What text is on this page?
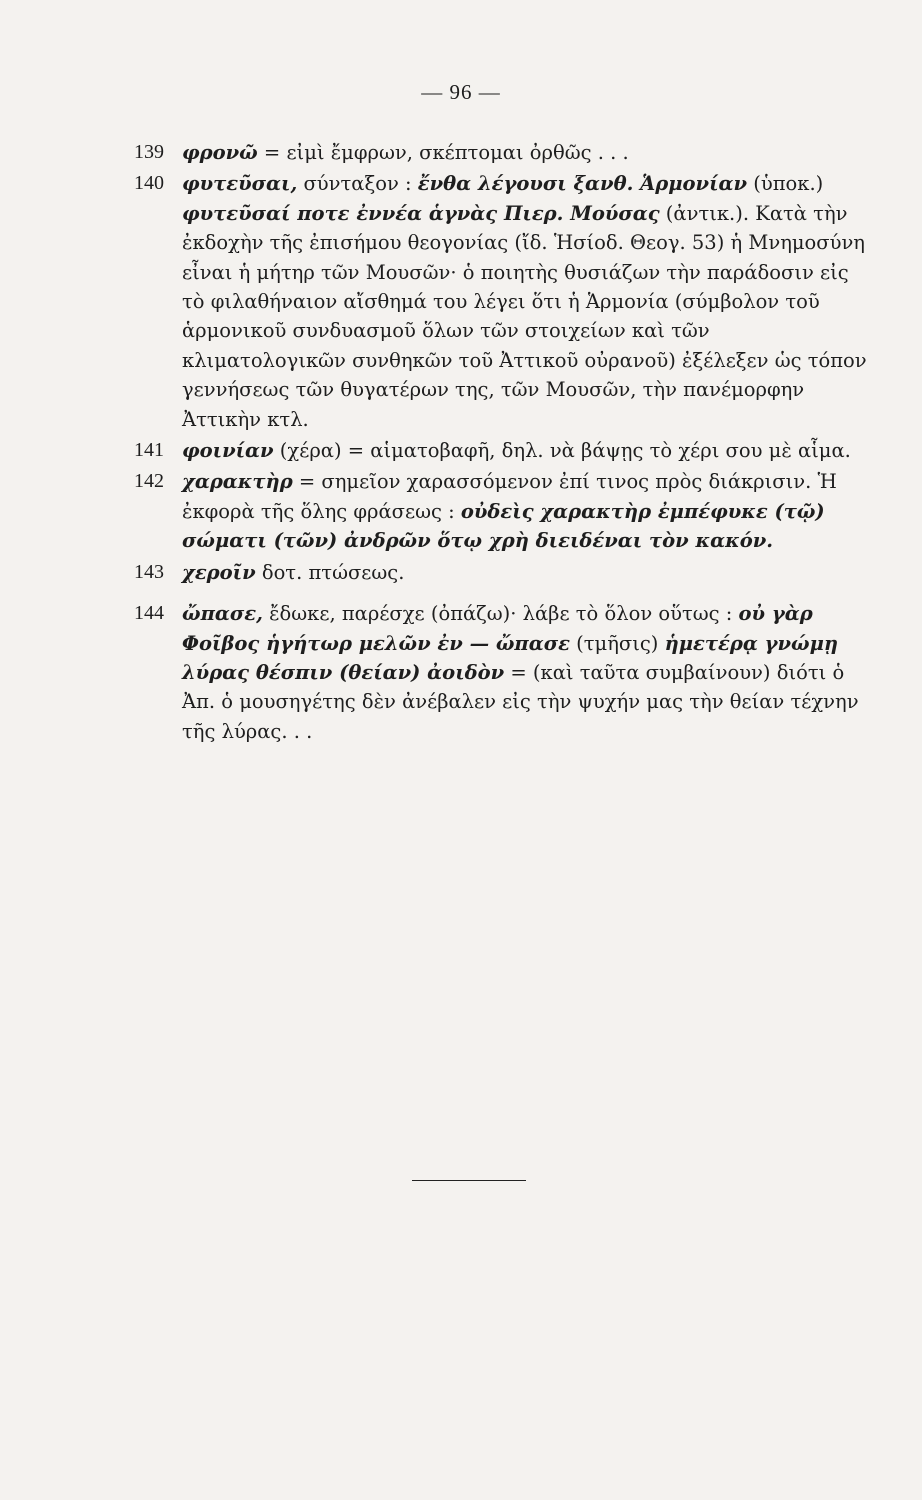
— 96 —
139 φρονῶ = εἰμὶ ἔμφρων, σκέπτομαι ὀρθῶς . . .
140 φυτεῦσαι, σύνταξον : ἔνθα λέγουσι ξανθ. Ἁρμονίαν (ὑποκ.) φυτεῦσαί ποτε ἐννέα ἁγνὰς Πιερ. Μούσας (ἀντικ.). Κατὰ τὴν ἐκδοχὴν τῆς ἐπισήμου θεογονίας (ἴδ. Ἡσίοδ. Θεογ. 53) ἡ Μνημοσύνη εἶναι ἡ μήτηρ τῶν Μουσῶν· ὁ ποιητὴς θυσιάζων τὴν παράδοσιν εἰς τὸ φιλαθήναιον αἴσθημά του λέγει ὅτι ἡ Ἁρμονία (σύμβολον τοῦ ἁρμονικοῦ συνδυασμοῦ ὅλων τῶν στοιχείων καὶ τῶν κλιματολογικῶν συνθηκῶν τοῦ Ἀττικοῦ οὐρανοῦ) ἐξέλεξεν ὡς τόπον γεννήσεως τῶν θυγατέρων της, τῶν Μουσῶν, τὴν πανέμορφην Ἀττικὴν κτλ.
141 φοινίαν (χέρα) = αἱματοβαφῆ, δηλ. νὰ βάψῃς τὸ χέρι σου μὲ αἷμα.
142 χαρακτὴρ = σημεῖον χαρασσόμενον ἐπί τινος πρὸς διάκρισιν. Ἡ ἐκφορὰ τῆς ὅλης φράσεως : οὐδεὶς χαρακτὴρ ἐμπέφυκε (τῷ) σώματι (τῶν) ἀνδρῶν ὅτῳ χρὴ διειδέναι τὸν κακόν.
143 χεροῖν δοτ. πτώσεως.
144 ὤπασε, ἔδωκε, παρέσχε (ὀπάζω)· λάβε τὸ ὅλον οὕτως : οὐ γὰρ Φοῖβος ἡγήτωρ μελῶν ἐν — ὤπασε (τμῆσις) ἡμετέρᾳ γνώμῃ λύρας θέσπιν (θείαν) ἀοιδὸν = (καὶ ταῦτα συμβαίνουν) διότι ὁ Ἀπ. ὁ μουσηγέτης δὲν ἀνέβαλεν εἰς τὴν ψυχήν μας τὴν θείαν τέχνην τῆς λύρας. . .
